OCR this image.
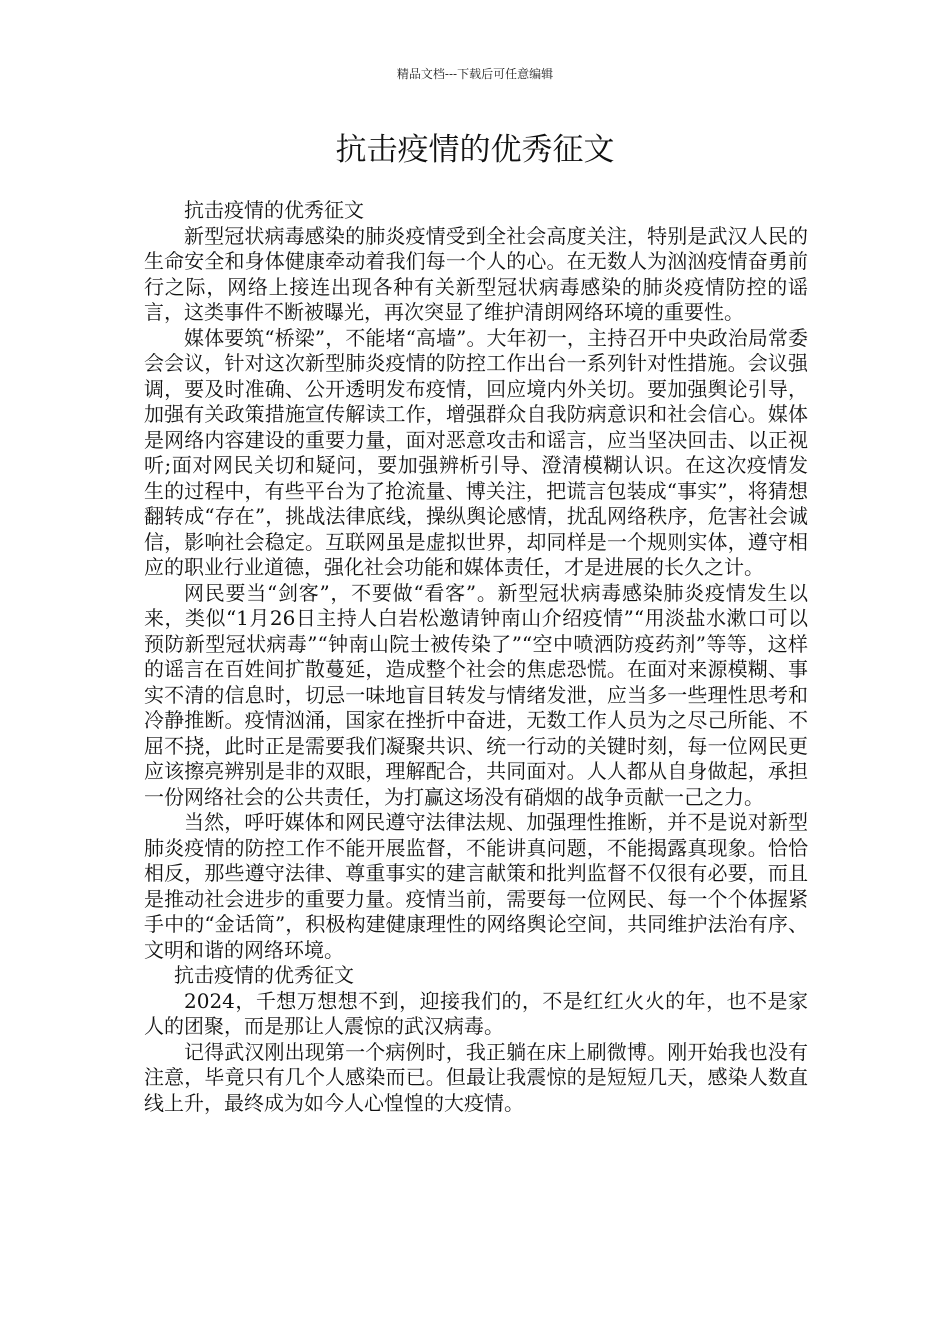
精品文档---下载后可任意编辑
抗击疫情的优秀征文

抗击疫情的优秀征文

新型冠状病毒感染的肺炎疫情受到全社会高度关注，特别是武汉人民的生命安全和身体健康牵动着我们每一个人的心。在无数人为汹汹疫情奋勇前行之际，网络上接连出现各种有关新型冠状病毒感染的肺炎疫情防控的谣言，这类事件不断被曝光，再次突显了维护清朗网络环境的重要性。

媒体要筑“桥梁”，不能堵“高墙”。大年初一，主持召开中央政治局常委会会议，针对这次新型肺炎疫情的防控工作出台一系列针对性措施。会议强调，要及时准确、公开透明发布疫情，回应境内外关切。要加强舆论引导，加强有关政策措施宣传解读工作，增强群众自我防病意识和社会信心。媒体是网络内容建设的重要力量，面对恶意攻击和谣言，应当坚决回击、以正视听;面对网民关切和疑问，要加强辨析引导、澄清模糊认识。在这次疫情发生的过程中，有些平台为了抢流量、博关注，把谎言包装成“事实”，将猜想翻转成“存在”，挑战法律底线，操纵舆论感情，扰乱网络秩序，危害社会诚信，影响社会稳定。互联网虽是虚拟世界，却同样是一个规则实体，遵守相应的职业行业道德，强化社会功能和媒体责任，才是进展的长久之计。

网民要当“剑客”，不要做“看客”。新型冠状病毒感染肺炎疫情发生以来，类似“1月26日主持人白岩松邀请钟南山介绍疫情”“用淡盐水漱口可以预防新型冠状病毒”“钟南山院士被传染了”“空中喷洒防疫药剂”等等，这样的谣言在百姓间扩散蔓延，造成整个社会的焦虑恐慌。在面对来源模糊、事实不清的信息时，切忌一味地盲目转发与情绪发泄，应当多一些理性思考和冷静推断。疫情汹涌，国家在挫折中奋进，无数工作人员为之尽己所能、不屈不挠，此时正是需要我们凝聚共识、统一行动的关键时刻，每一位网民更应该擦亮辨别是非的双眼，理解配合，共同面对。人人都从自身做起，承担一份网络社会的公共责任，为打赢这场没有硝烟的战争贡献一己之力。

当然，呼吁媒体和网民遵守法律法规、加强理性推断，并不是说对新型肺炎疫情的防控工作不能开展监督，不能讲真问题，不能揭露真现象。恰恰相反，那些遵守法律、尊重事实的建言献策和批判监督不仅很有必要，而且是推动社会进步的重要力量。疫情当前，需要每一位网民、每一个个体握紧手中的“金话筒”，积极构建健康理性的网络舆论空间，共同维护法治有序、文明和谐的网络环境。

抗击疫情的优秀征文

2024，千想万想想不到，迎接我们的，不是红红火火的年，也不是家人的团聚，而是那让人震惊的武汉病毒。

记得武汉刚出现第一个病例时，我正躺在床上刷微博。刚开始我也没有注意，毕竟只有几个人感染而已。但最让我震惊的是短短几天，感染人数直线上升，最终成为如今人心惶惶的大疫情。
